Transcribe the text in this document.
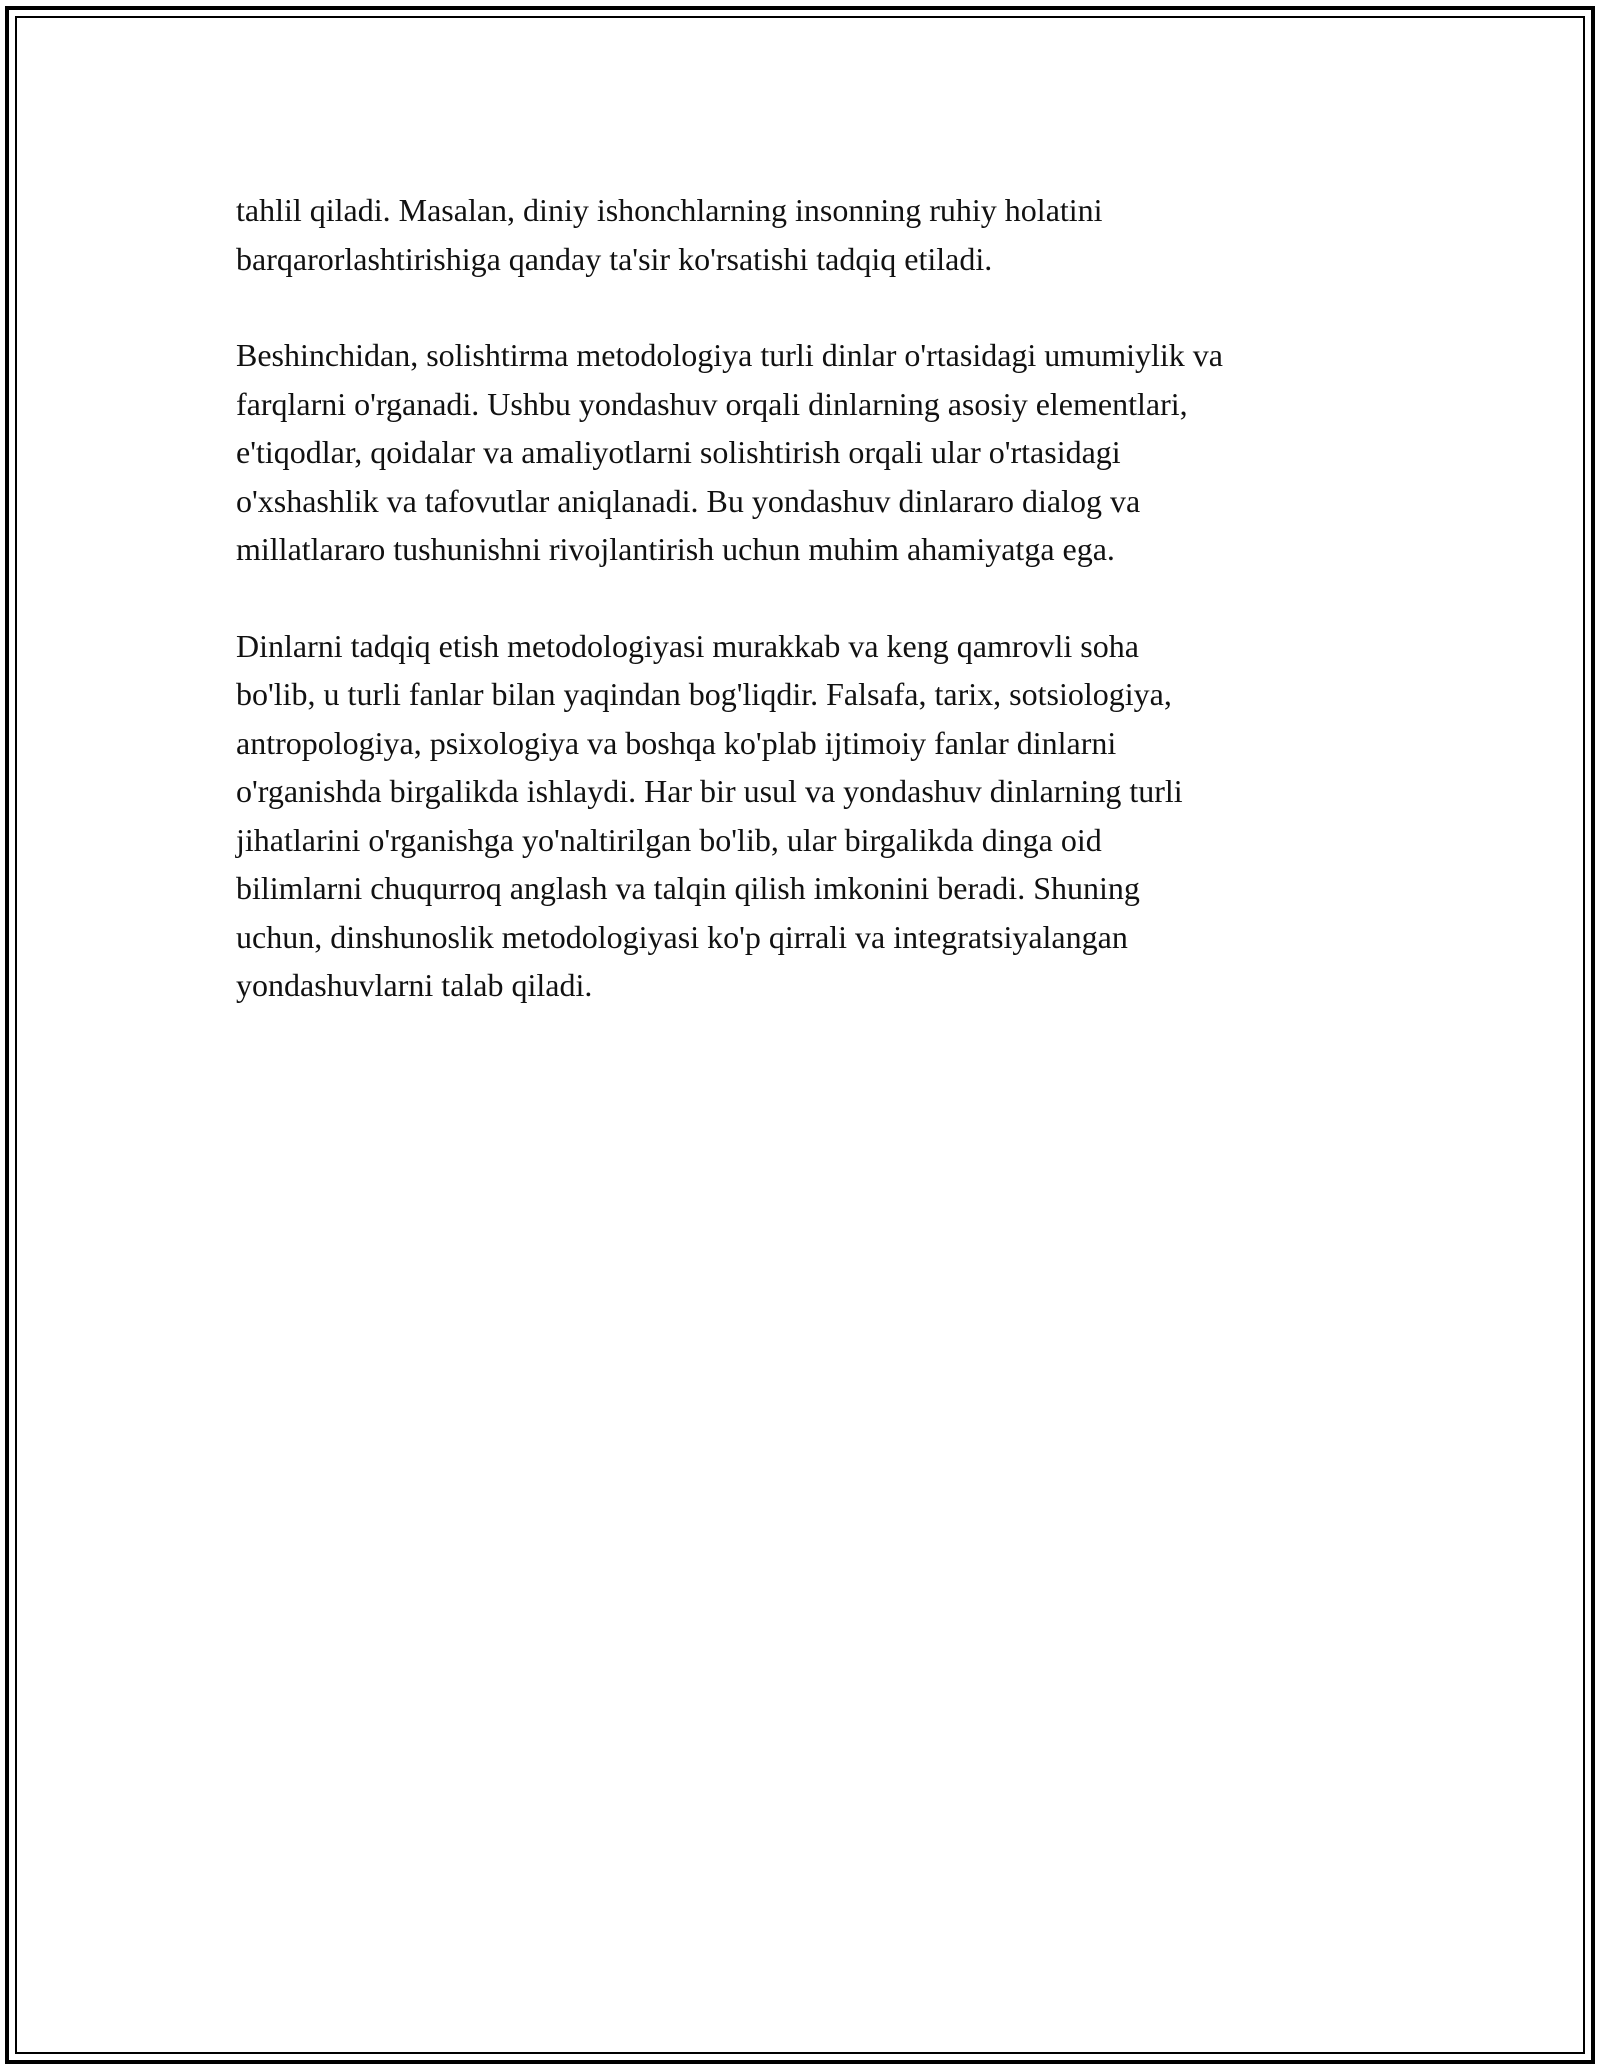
tahlil qiladi. Masalan, diniy ishonchlarning insonning ruhiy holatini
barqarorlashtirishiga qanday ta'sir ko'rsatishi tadqiq etiladi.

Beshinchidan, solishtirma metodologiya turli dinlar o'rtasidagi umumiylik va
farqlarni o'rganadi. Ushbu yondashuv orqali dinlarning asosiy elementlari,
e'tiqodlar, qoidalar va amaliyotlarni solishtirish orqali ular o'rtasidagi
o'xshashlik va tafovutlar aniqlanadi. Bu yondashuv dinlararo dialog va
millatlararo tushunishni rivojlantirish uchun muhim ahamiyatga ega.

Dinlarni tadqiq etish metodologiyasi murakkab va keng qamrovli soha
bo'lib, u turli fanlar bilan yaqindan bog'liqdir. Falsafa, tarix, sotsiologiya,
antropologiya, psixologiya va boshqa ko'plab ijtimoiy fanlar dinlarni
o'rganishda birgalikda ishlaydi. Har bir usul va yondashuv dinlarning turli
jihatlarini o'rganishga yo'naltirilgan bo'lib, ular birgalikda dinga oid
bilimlarni chuqurroq anglash va talqin qilish imkonini beradi. Shuning
uchun, dinshunoslik metodologiyasi ko'p qirrali va integratsiyalangan
yondashuvlarni talab qiladi.
